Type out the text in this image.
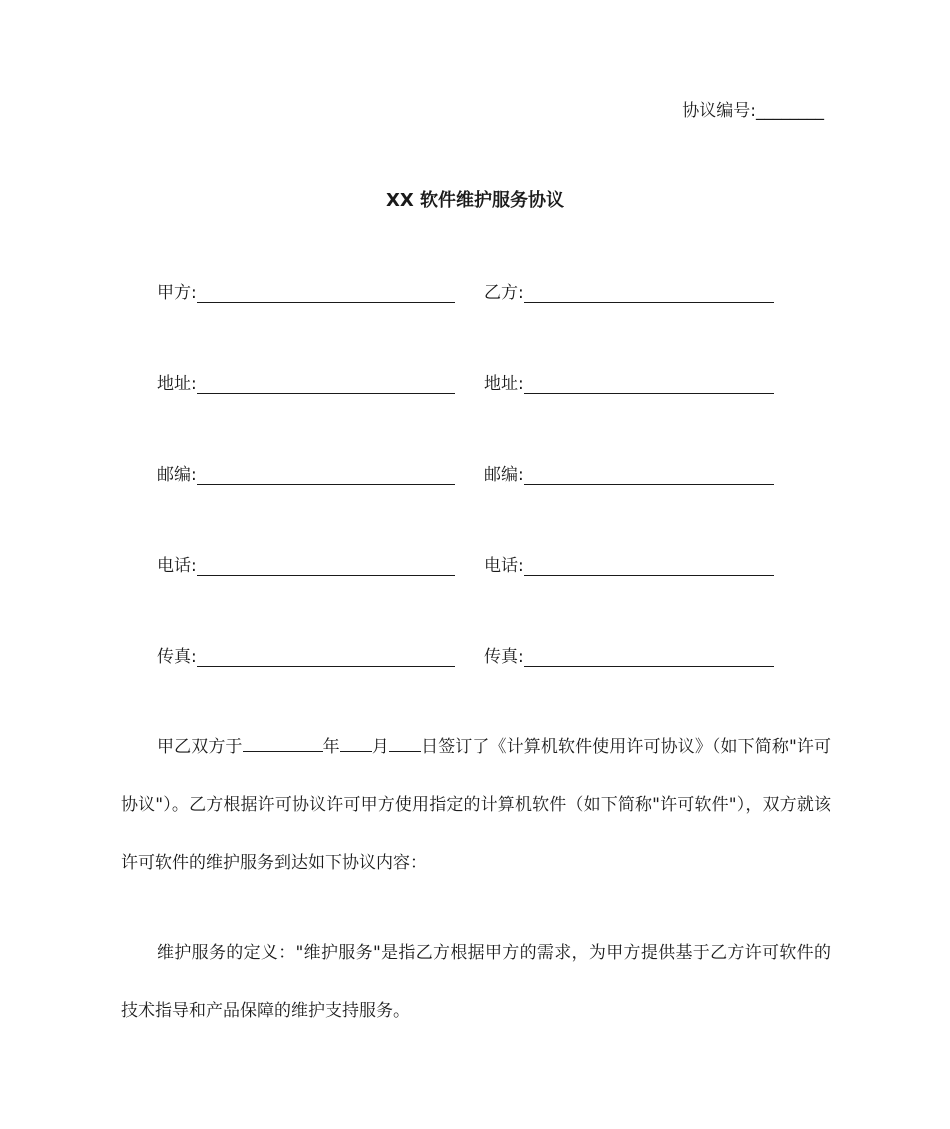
协议编号:________
XX 软件维护服务协议
甲方:	乙方:
地址:	地址:
邮编:	邮编:
电话:	电话:
传真:	传真:

甲乙双方于	年 月 日签订了《计算机软件使用许可协议》（如下简称"许可协议"）。乙方根据许可协议许可甲方使用指定的计算机软件（如下简称"许可软件"），双方就该许可软件的维护服务到达如下协议内容：

维护服务的定义："维护服务"是指乙方根据甲方的需求，为甲方提供基于乙方许可软件的技术指导和产品保障的维护支持服务。
